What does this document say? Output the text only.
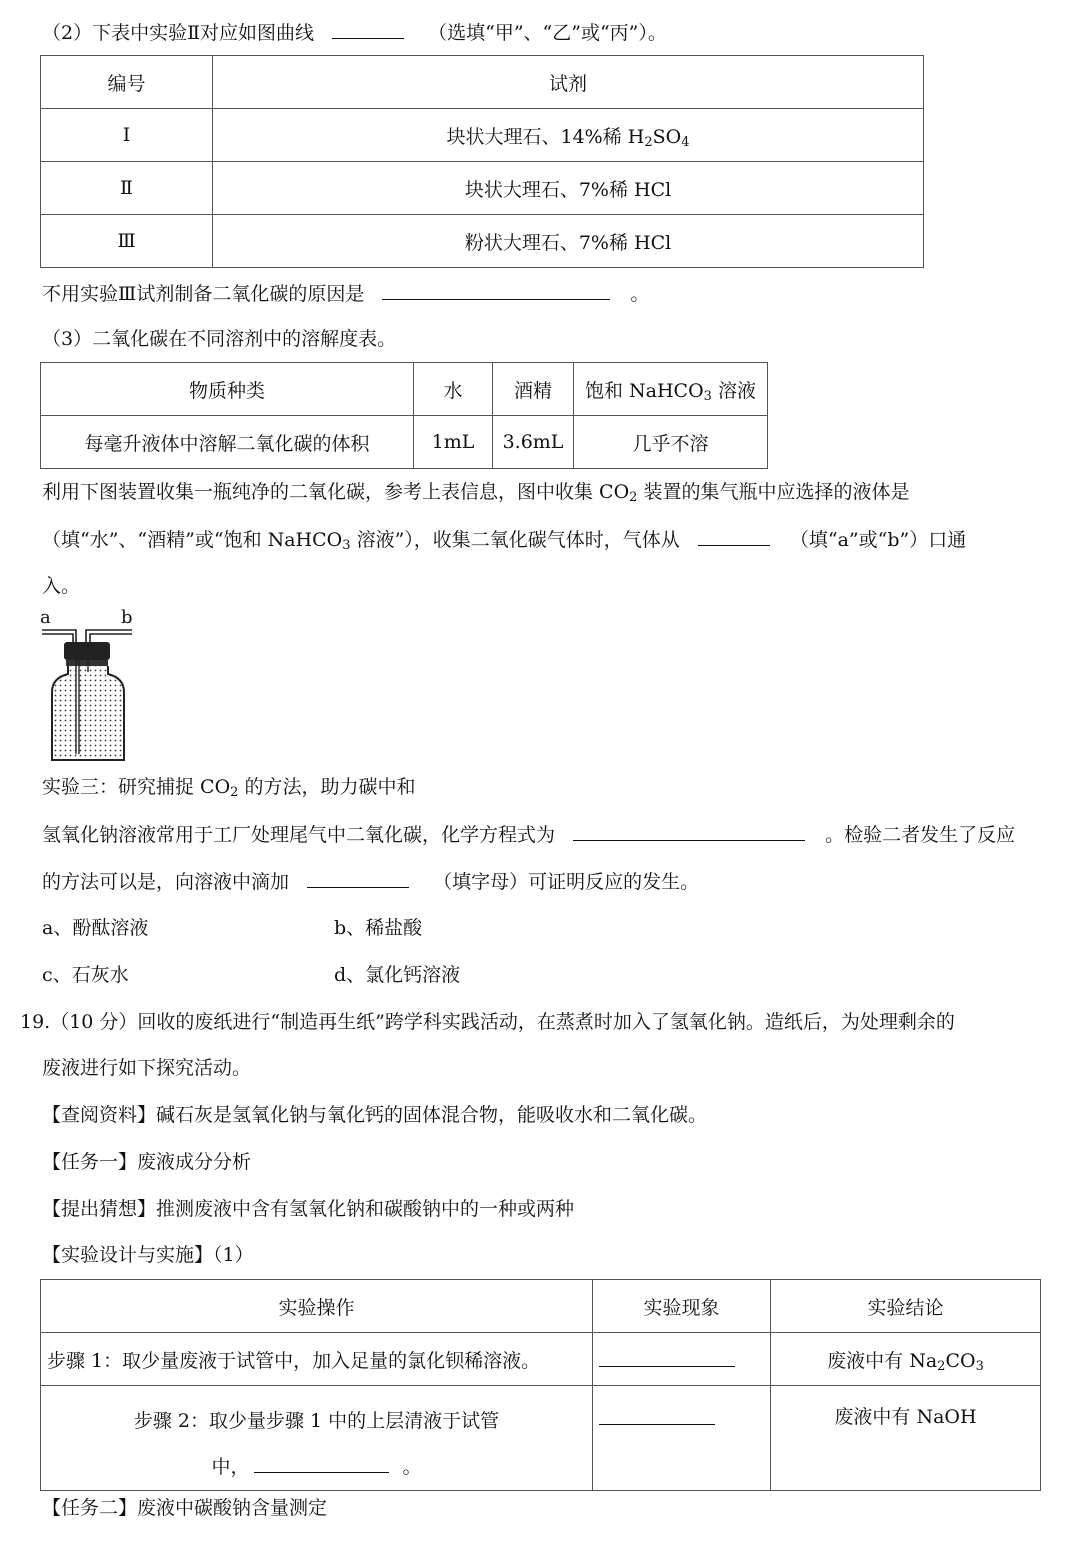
（2）下表中实验Ⅱ对应如图曲线	（选填“甲”、“乙”或“丙”）。
编号	试剂
Ⅰ	块状大理石、14%稀 $H_2SO_4$
Ⅱ	块状大理石、7%稀 HCl
Ⅲ	粉状大理石、7%稀 HCl
不用实验Ⅲ试剂制备二氧化碳的原因是	。
（3）二氧化碳在不同溶剂中的溶解度表。
物质种类	水	酒精	饱和 NaHCO$_3$ 溶液
每毫升液体中溶解二氧化碳的体积	1mL	3.6mL	几乎不溶
利用下图装置收集一瓶纯净的二氧化碳，参考上表信息，图中收集 $CO_2$ 装置的集气瓶中应选择的液体是
（填“水”、“酒精”或“饱和 NaHCO$_3$ 溶液”），收集二氧化碳气体时，气体从	（填“a”或“b”）口通
入。
a	b
实验三：研究捕捉 $CO_2$ 的方法，助力碳中和
氢氧化钠溶液常用于工厂处理尾气中二氧化碳，化学方程式为	。检验二者发生了反应
的方法可以是，向溶液中滴加	（填字母）可证明反应的发生。
a、酚酞溶液	b、稀盐酸
c、石灰水	d、氯化钙溶液
19.（10 分）回收的废纸进行“制造再生纸”跨学科实践活动，在蒸煮时加入了氢氧化钠。造纸后，为处理剩余的
废液进行如下探究活动。
【查阅资料】碱石灰是氢氧化钠与氧化钙的固体混合物，能吸收水和二氧化碳。
【任务一】废液成分分析
【提出猜想】推测废液中含有氢氧化钠和碳酸钠中的一种或两种
【实验设计与实施】（1）
实验操作	实验现象	实验结论
步骤 1：取少量废液于试管中，加入足量的氯化钡稀溶液。		废液中有 $Na_2CO_3$

步骤 2：取少量步骤 1 中的上层清液于试管
中， 。		废液中有 NaOH
【任务二】废液中碳酸钠含量测定
